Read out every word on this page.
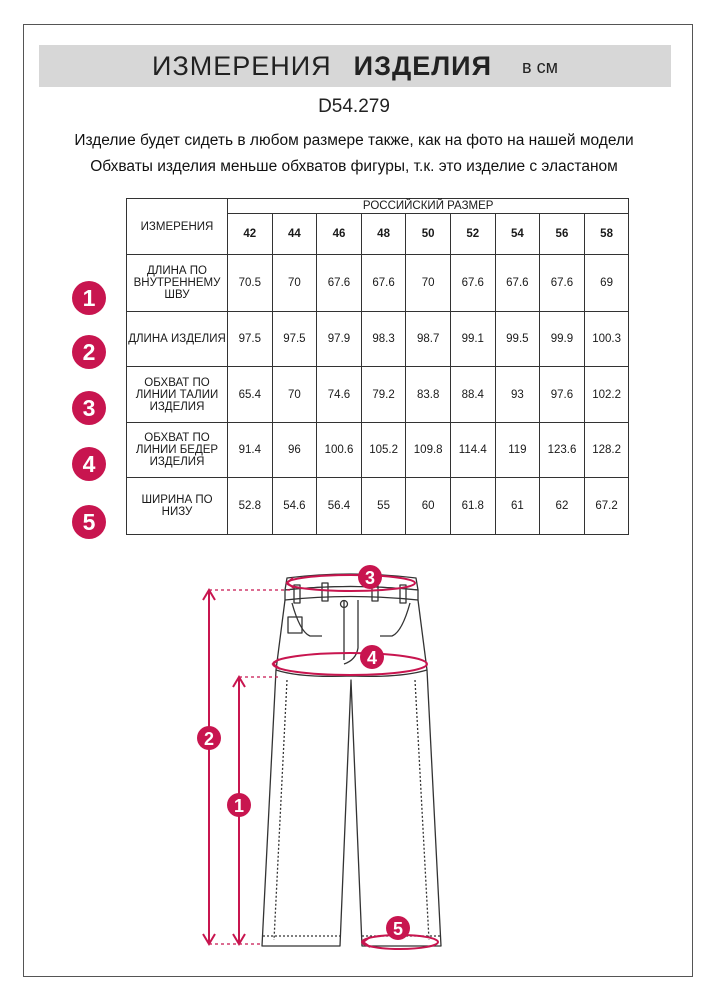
ИЗМЕРЕНИЯ ИЗДЕЛИЯ в см
D54.279
Изделие будет сидеть в любом размере также, как на фото на нашей модели
Обхваты изделия меньше обхватов фигуры, т.к. это изделие с эластаном
1
2
3
4
5
ИЗМЕРЕНИЯ	РОССИЙСКИЙ РАЗМЕР								
	42	44	46	48	50	52	54	56	58
ДЛИНА ПО
ВНУТРЕННЕМУ
ШВУ	70.5	70	67.6	67.6	70	67.6	67.6	67.6	69
ДЛИНА ИЗДЕЛИЯ	97.5	97.5	97.9	98.3	98.7	99.1	99.5	99.9	100.3
ОБХВАТ ПО
ЛИНИИ ТАЛИИ
ИЗДЕЛИЯ	65.4	70	74.6	79.2	83.8	88.4	93	97.6	102.2
ОБХВАТ ПО
ЛИНИИ БЕДЕР
ИЗДЕЛИЯ	91.4	96	100.6	105.2	109.8	114.4	119	123.6	128.2
ШИРИНА ПО
НИЗУ	52.8	54.6	56.4	55	60	61.8	61	62	67.2
3
4
2
1
5
